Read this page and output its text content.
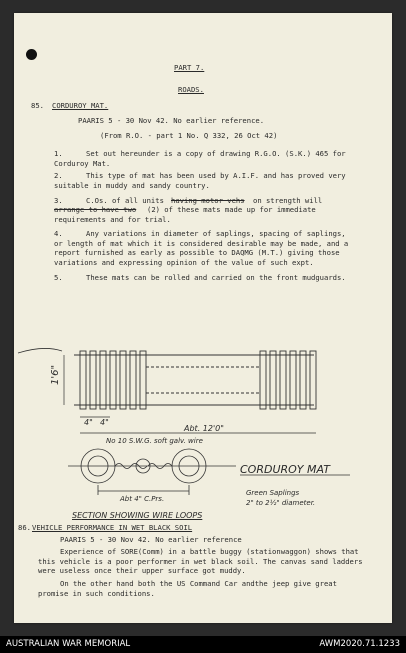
PART 7.
ROADS.
85. CORDUROY MAT.
PAARIS 5 - 30 Nov 42. No earlier reference.
(From R.O. - part 1 No. Q 332, 26 Oct 42)
1.	Set out hereunder is a copy of drawing R.G.O. (S.K.) 465 for Corduroy Mat.
2.	This type of mat has been used by A.I.F. and has proved very suitable in muddy and sandy country.
3.	C.Os. of all units having motor vehs on strength will
arrange to have two	(2) of these mats made up for immediate requirements and for trial.
4.	Any variations in diameter of saplings, spacing of saplings, or length of mat which it is considered desirable may be made, and a report furnished as early as possible to DAQMG (M.T.) giving those variations and expressing opinion of the value of such expt.
5.	These mats can be rolled and carried on the front mudguards.
1'6"
4" 4"
Abt. 12'0"
No 10 S.W.G. soft galv. wire
CORDUROY MAT
Abt 4" C.Prs.
Green Saplings
2" to 2½" diameter.
SECTION SHOWING WIRE LOOPS
86. VEHICLE PERFORMANCE IN WET BLACK SOIL
PAARIS 5 - 30 Nov 42. No earlier reference
Experience of SORE(Comm) in a battle buggy (stationwaggon) shows that this vehicle is a poor performer in wet black soil. The canvas sand ladders were useless once their upper surface got muddy.
On the other hand both the US Command Car andthe jeep give great promise in such conditions.
AUSTRALIAN WAR MEMORIAL	AWM2020.71.1233
